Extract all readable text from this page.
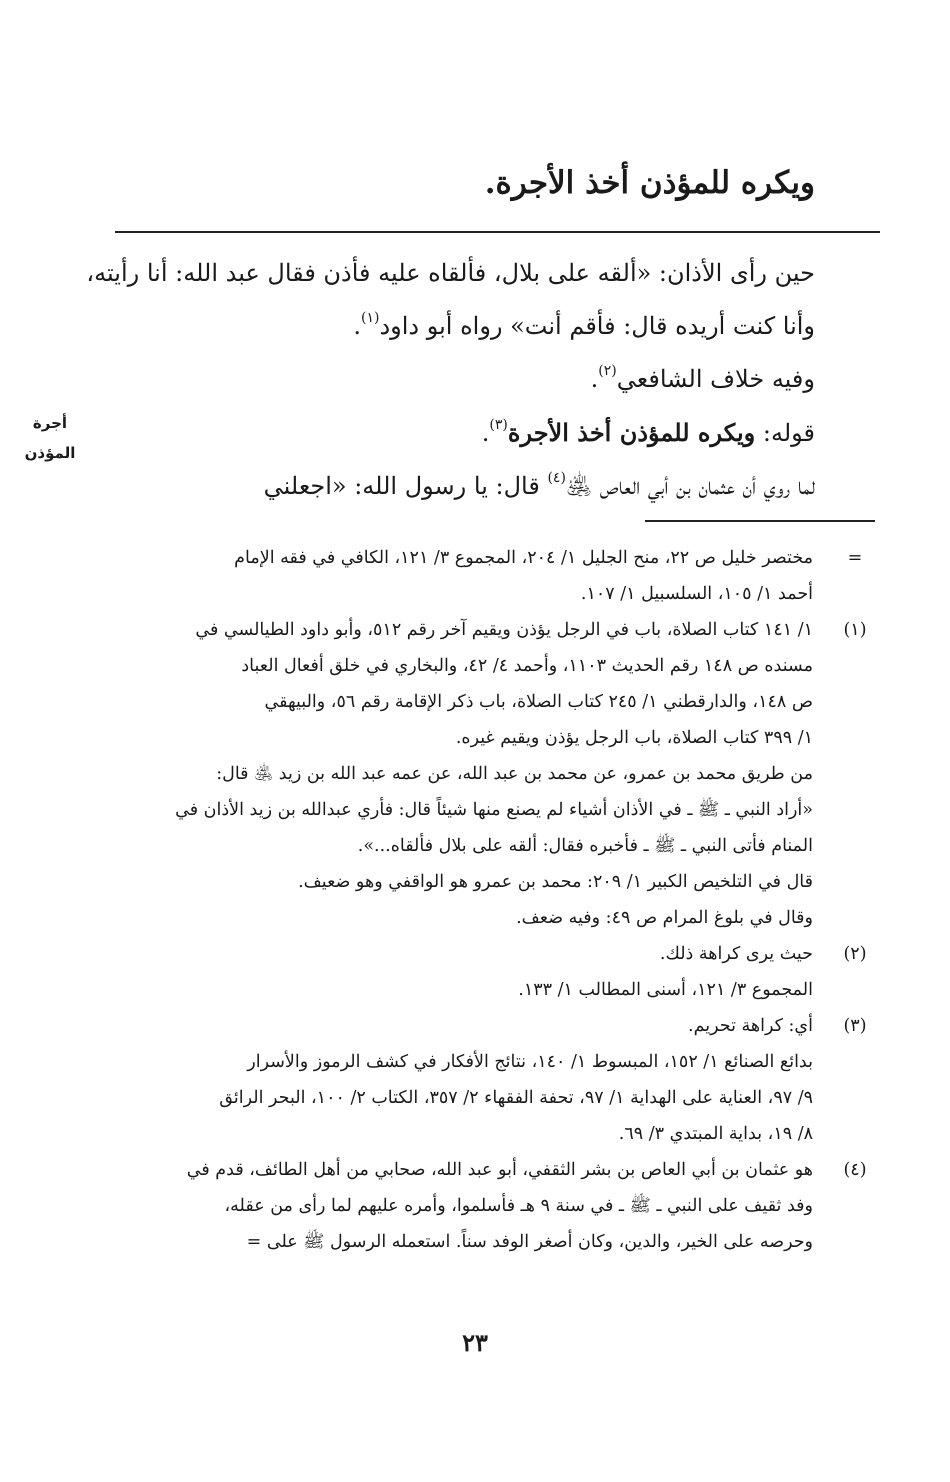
ويكره للمؤذن أخذ الأجرة.
أجرة
المؤذن
حين رأى الأذان: «ألقه على بلال، فألقاه عليه فأذن فقال عبد الله: أنا رأيته،
وأنا كنت أريده قال: فأقم أنت» رواه أبو داود$^{(١)}$.
وفيه خلاف الشافعي$^{(٢)}$.
قوله: ويكره للمؤذن أخذ الأجرة$^{(٣)}$.
لما روي أن عثمان بن أبي العاص ﵁$^{(٤)}$ قال: يا رسول الله: «اجعلني
=
مختصر خليل ص ٢٢، منح الجليل ١/ ٢٠٤، المجموع ٣/ ١٢١، الكافي في فقه الإمام
أحمد ١/ ١٠٥، السلسبيل ١/ ١٠٧.
(١)
١/ ١٤١ كتاب الصلاة، باب في الرجل يؤذن ويقيم آخر رقم ٥١٢، وأبو داود الطيالسي في
مسنده ص ١٤٨ رقم الحديث ١١٠٣، وأحمد ٤/ ٤٢، والبخاري في خلق أفعال العباد
ص ١٤٨، والدارقطني ١/ ٢٤٥ كتاب الصلاة، باب ذكر الإقامة رقم ٥٦، والبيهقي
١/ ٣٩٩ كتاب الصلاة، باب الرجل يؤذن ويقيم غيره.
من طريق محمد بن عمرو، عن محمد بن عبد الله، عن عمه عبد الله بن زيد ﵁ قال:
«أراد النبي ـ ﷺ ـ في الأذان أشياء لم يصنع منها شيئاً قال: فأري عبدالله بن زيد الأذان في
المنام فأتى النبي ـ ﷺ ـ فأخبره فقال: ألقه على بلال فألقاه...».
قال في التلخيص الكبير ١/ ٢٠٩: محمد بن عمرو هو الواقفي وهو ضعيف.
وقال في بلوغ المرام ص ٤٩: وفيه ضعف.
(٢)
حيث يرى كراهة ذلك.
المجموع ٣/ ١٢١، أسنى المطالب ١/ ١٣٣.
(٣)
أي: كراهة تحريم.
بدائع الصنائع ١/ ١٥٢، المبسوط ١/ ١٤٠، نتائج الأفكار في كشف الرموز والأسرار
٩/ ٩٧، العناية على الهداية ١/ ٩٧، تحفة الفقهاء ٢/ ٣٥٧، الكتاب ٢/ ١٠٠، البحر الرائق
٨/ ١٩، بداية المبتدي ٣/ ٦٩.
(٤)
هو عثمان بن أبي العاص بن بشر الثقفي، أبو عبد الله، صحابي من أهل الطائف، قدم في
وفد ثقيف على النبي ـ ﷺ ـ في سنة ٩ هـ فأسلموا، وأمره عليهم لما رأى من عقله،
وحرصه على الخير، والدين، وكان أصغر الوفد سناً. استعمله الرسول ﷺ على =
٢٣
